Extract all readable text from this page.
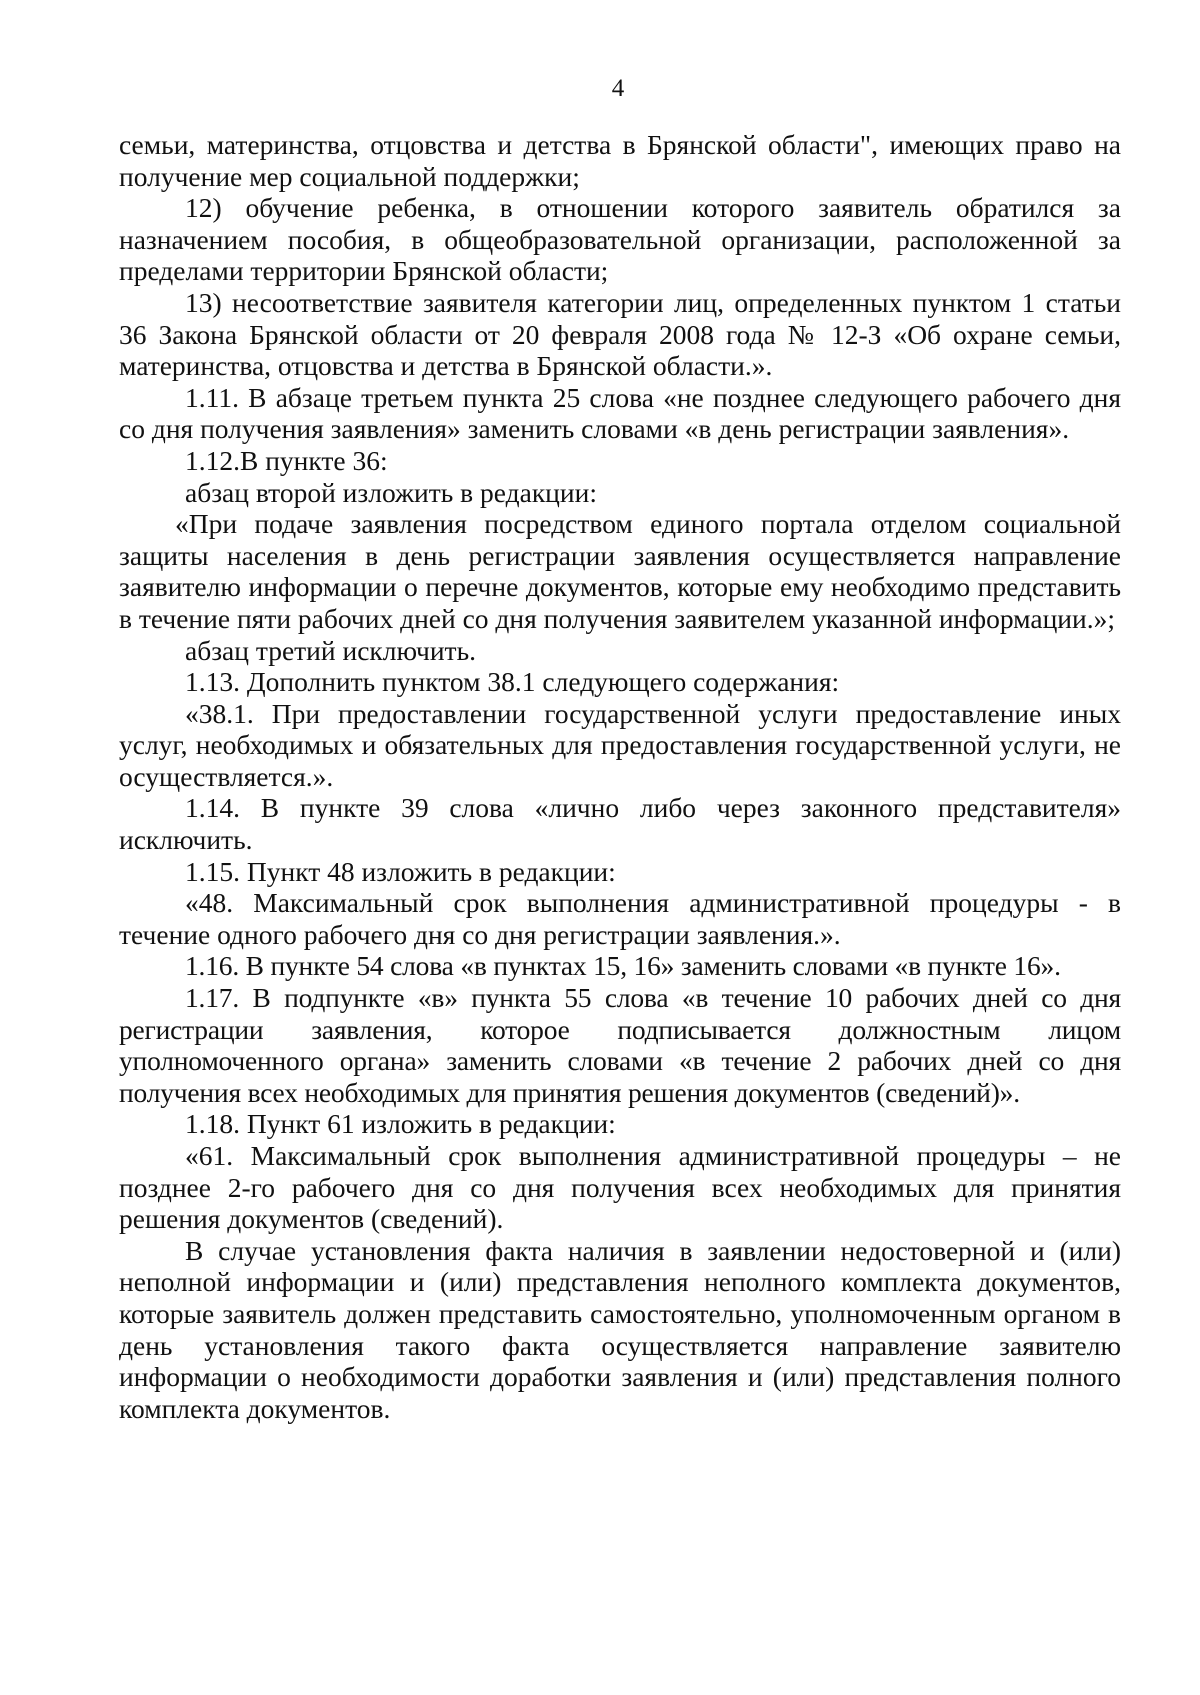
4

семьи, материнства, отцовства и детства в Брянской области", имеющих право на получение мер социальной поддержки;

12) обучение ребенка, в отношении которого заявитель обратился за назначением пособия, в общеобразовательной организации, расположенной за пределами территории Брянской области;

13) несоответствие заявителя категории лиц, определенных пунктом 1 статьи 36 Закона Брянской области от 20 февраля 2008 года № 12-З «Об охране семьи, материнства, отцовства и детства в Брянской области.».

1.11. В абзаце третьем пункта 25 слова «не позднее следующего рабочего дня со дня получения заявления» заменить словами «в день регистрации заявления».

1.12.В пункте 36:

абзац второй изложить в редакции:

«При подаче заявления посредством единого портала отделом социальной защиты населения в день регистрации заявления осуществляется направление заявителю информации о перечне документов, которые ему необходимо представить в течение пяти рабочих дней со дня получения заявителем указанной информации.»;

абзац третий исключить.

1.13. Дополнить пунктом 38.1 следующего содержания:

«38.1. При предоставлении государственной услуги предоставление иных услуг, необходимых и обязательных для предоставления государственной услуги, не осуществляется.».

1.14. В пункте 39 слова «лично либо через законного представителя» исключить.

1.15. Пункт 48 изложить в редакции:

«48. Максимальный срок выполнения административной процедуры - в течение одного рабочего дня со дня регистрации заявления.».

1.16. В пункте 54 слова «в пунктах 15, 16» заменить словами «в пункте 16».

1.17. В подпункте «в» пункта 55 слова «в течение 10 рабочих дней со дня регистрации заявления, которое подписывается должностным лицом уполномоченного органа» заменить словами «в течение 2 рабочих дней со дня получения всех необходимых для принятия решения документов (сведений)».

1.18. Пункт 61 изложить в редакции:

«61. Максимальный срок выполнения административной процедуры – не позднее 2-го рабочего дня со дня получения всех необходимых для принятия решения документов (сведений).

В случае установления факта наличия в заявлении недостоверной и (или) неполной информации и (или) представления неполного комплекта документов, которые заявитель должен представить самостоятельно, уполномоченным органом в день установления такого факта осуществляется направление заявителю информации о необходимости доработки заявления и (или) представления полного комплекта документов.
